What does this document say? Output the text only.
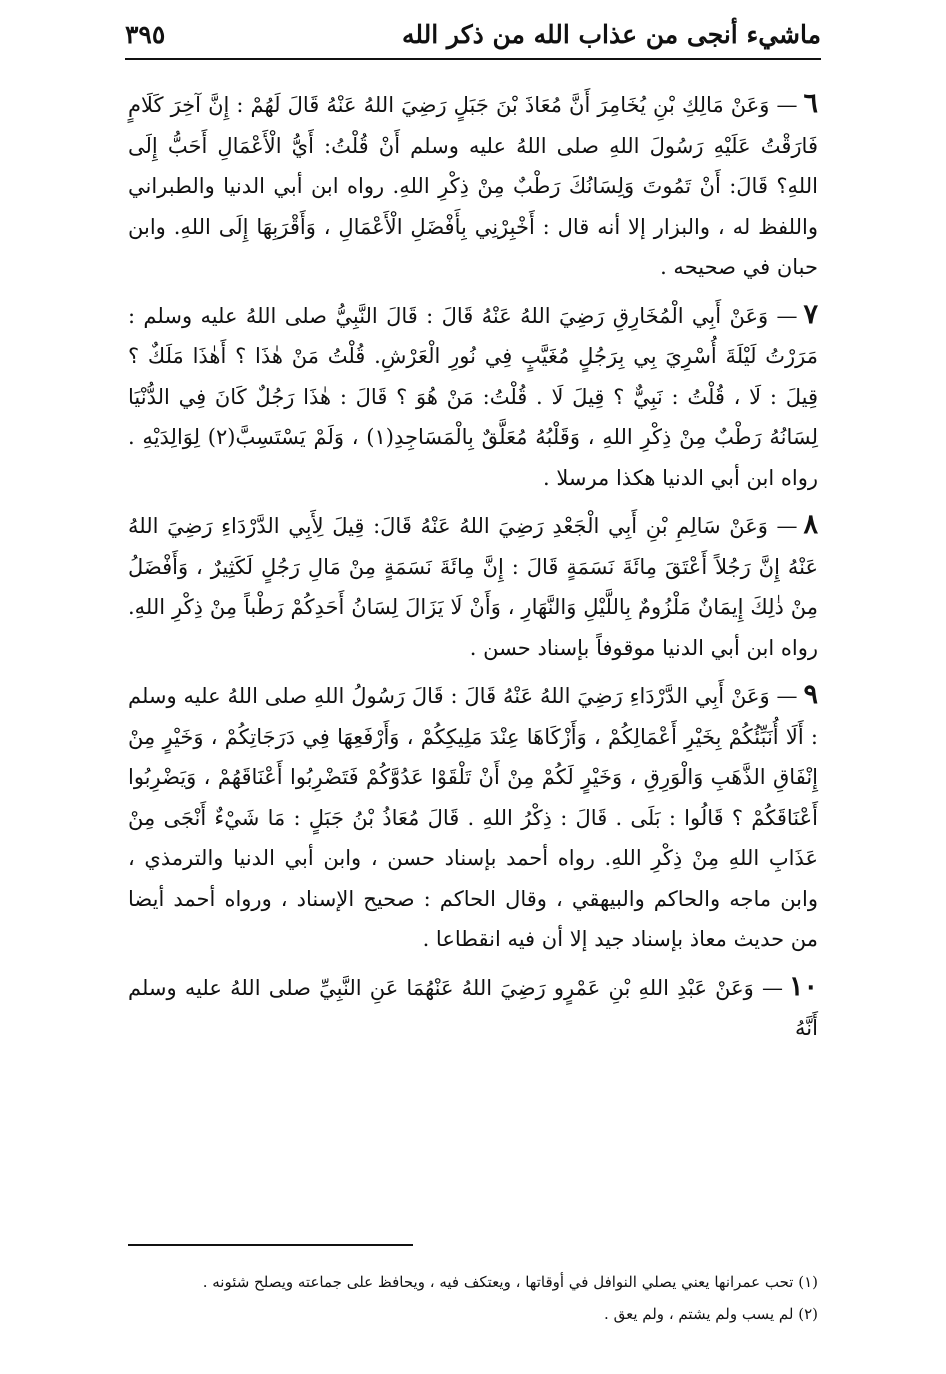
ماشيء أنجى من عذاب الله من ذكر الله
٣٩٥

٦— وَعَنْ مَالِكِ بْنِ يُخَامِرَ أَنَّ مُعَاذَ بْنَ جَبَلٍ رَضِيَ اللهُ عَنْهُ قَالَ لَهُمْ : إِنَّ آخِرَ كَلَامٍ فَارَقْتُ عَلَيْهِ رَسُولَ اللهِ صلى اللهُ عليه وسلم أَنْ قُلْتُ: أَيُّ الْأَعْمَالِ أَحَبُّ إِلَى اللهِ؟ قَالَ: أَنْ تَمُوتَ وَلِسَانُكَ رَطْبٌ مِنْ ذِكْرِ اللهِ. رواه ابن أبي الدنيا والطبراني واللفظ له ، والبزار إلا أنه قال : أَخْبِرْنِي بِأَفْضَلِ الْأَعْمَالِ ، وَأَقْرَبِهَا إِلَى اللهِ. وابن حبان في صحيحه .

٧— وَعَنْ أَبِي الْمُخَارِقِ رَضِيَ اللهُ عَنْهُ قَالَ : قَالَ النَّبِيُّ صلى اللهُ عليه وسلم : مَرَرْتُ لَيْلَةَ أُسْرِيَ بِي بِرَجُلٍ مُغَيَّبٍ فِي نُورِ الْعَرْشِ. قُلْتُ مَنْ هٰذَا ؟ أَهٰذَا مَلَكٌ ؟ قِيلَ : لَا ، قُلْتُ : نَبِيٌّ ؟ قِيلَ لَا . قُلْتُ: مَنْ هُوَ ؟ قَالَ : هٰذَا رَجُلٌ كَانَ فِي الدُّنْيَا لِسَانُهُ رَطْبٌ مِنْ ذِكْرِ اللهِ ، وَقَلْبُهُ مُعَلَّقٌ بِالْمَسَاجِدِ(١) ، وَلَمْ يَسْتَسِبَّ(٢) لِوَالِدَيْهِ . رواه ابن أبي الدنيا هكذا مرسلا .

٨— وَعَنْ سَالِمِ بْنِ أَبِي الْجَعْدِ رَضِيَ اللهُ عَنْهُ قَالَ: قِيلَ لِأَبِي الدَّرْدَاءِ رَضِيَ اللهُ عَنْهُ إِنَّ رَجُلاً أَعْتَقَ مِائَةَ نَسَمَةٍ قَالَ : إِنَّ مِائَةَ نَسَمَةٍ مِنْ مَالِ رَجُلٍ لَكَثِيرٌ ، وَأَفْضَلُ مِنْ ذٰلِكَ إِيمَانٌ مَلْزُومٌ بِاللَّيْلِ وَالنَّهَارِ ، وَأَنْ لَا يَزَالَ لِسَانُ أَحَدِكُمْ رَطْباً مِنْ ذِكْرِ اللهِ. رواه ابن أبي الدنيا موقوفاً بإسناد حسن .

٩— وَعَنْ أَبِي الدَّرْدَاءِ رَضِيَ اللهُ عَنْهُ قَالَ : قَالَ رَسُولُ اللهِ صلى اللهُ عليه وسلم : أَلَا أُنَبِّئُكُمْ بِخَيْرِ أَعْمَالِكُمْ ، وَأَزْكَاهَا عِنْدَ مَلِيكِكُمْ ، وَأَرْفَعِهَا فِي دَرَجَاتِكُمْ ، وَخَيْرٍ مِنْ إِنْفَاقِ الذَّهَبِ وَالْوَرِقِ ، وَخَيْرٍ لَكُمْ مِنْ أَنْ تَلْقَوْا عَدُوَّكُمْ فَتَضْرِبُوا أَعْنَاقَهُمْ ، وَيَضْرِبُوا أَعْنَاقَكُمْ ؟ قَالُوا : بَلَى . قَالَ : ذِكْرُ اللهِ . قَالَ مُعَاذُ بْنُ جَبَلٍ : مَا شَيْءٌ أَنْجَى مِنْ عَذَابِ اللهِ مِنْ ذِكْرِ اللهِ. رواه أحمد بإسناد حسن ، وابن أبي الدنيا والترمذي ، وابن ماجه والحاكم والبيهقي ، وقال الحاكم : صحيح الإسناد ، ورواه أحمد أيضا من حديث معاذ بإسناد جيد إلا أن فيه انقطاعا .

١٠— وَعَنْ عَبْدِ اللهِ بْنِ عَمْرٍو رَضِيَ اللهُ عَنْهُمَا عَنِ النَّبِيِّ صلى اللهُ عليه وسلم أَنَّهُ

(١) تحب عمرانها يعني يصلي النوافل في أوقاتها ، ويعتكف فيه ، ويحافظ على جماعته ويصلح شئونه .

(٢) لم يسب ولم يشتم ، ولم يعق .
